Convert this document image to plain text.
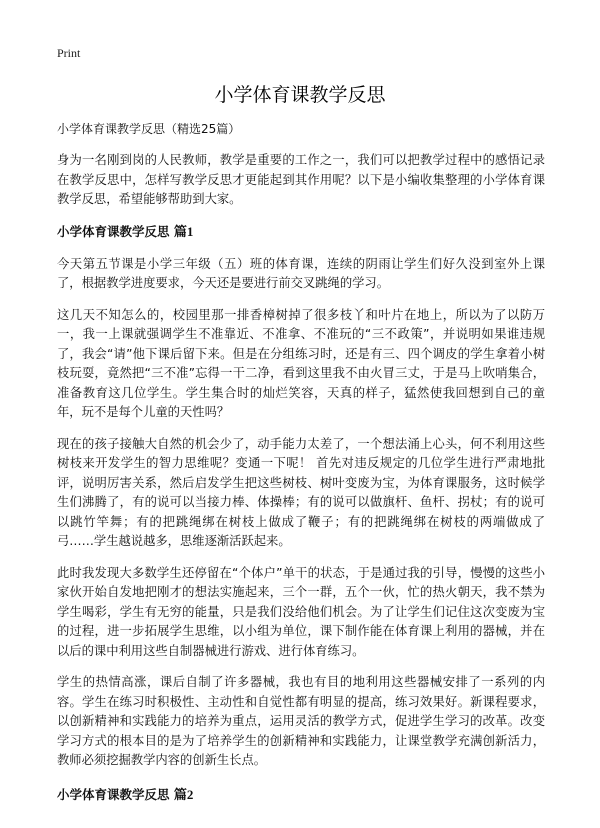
Print
小学体育课教学反思

小学体育课教学反思（精选25篇）

身为一名刚到岗的人民教师，教学是重要的工作之一，我们可以把教学过程中的感悟记录在教学反思中，怎样写教学反思才更能起到其作用呢？以下是小编收集整理的小学体育课教学反思，希望能够帮助到大家。

小学体育课教学反思 篇1

今天第五节课是小学三年级（五）班的体育课，连续的阴雨让学生们好久没到室外上课了，根据教学进度要求，今天还是要进行前交叉跳绳的学习。

这几天不知怎么的，校园里那一排香樟树掉了很多枝丫和叶片在地上，所以为了以防万一，我一上课就强调学生不准靠近、不准拿、不准玩的“三不政策”，并说明如果谁违规了，我会“请”他下课后留下来。但是在分组练习时，还是有三、四个调皮的学生拿着小树枝玩耍，竟然把“三不准”忘得一干二净，看到这里我不由火冒三丈，于是马上吹哨集合，准备教育这几位学生。学生集合时的灿烂笑容，天真的样子，猛然使我回想到自己的童年，玩不是每个儿童的天性吗？

现在的孩子接触大自然的机会少了，动手能力太差了，一个想法涌上心头，何不利用这些树枝来开发学生的智力思维呢？变通一下呢！ 首先对违反规定的几位学生进行严肃地批评，说明厉害关系，然后启发学生把这些树枝、树叶变废为宝，为体育课服务，这时候学生们沸腾了，有的说可以当接力棒、体操棒；有的说可以做旗杆、鱼杆、拐杖；有的说可以跳竹竿舞；有的把跳绳绑在树枝上做成了鞭子；有的把跳绳绑在树枝的两端做成了弓……学生越说越多，思维逐渐活跃起来。

此时我发现大多数学生还停留在“个体户”单干的状态，于是通过我的引导，慢慢的这些小家伙开始自发地把刚才的想法实施起来，三个一群，五个一伙，忙的热火朝天，我不禁为学生喝彩，学生有无穷的能量，只是我们没给他们机会。为了让学生们记住这次变废为宝的过程，进一步拓展学生思维，以小组为单位，课下制作能在体育课上利用的器械，并在以后的课中利用这些自制器械进行游戏、进行体育练习。

学生的热情高涨，课后自制了许多器械，我也有目的地利用这些器械安排了一系列的内容。学生在练习时积极性、主动性和自觉性都有明显的提高，练习效果好。新课程要求，以创新精神和实践能力的培养为重点，运用灵活的教学方式，促进学生学习的改革。改变学习方式的根本目的是为了培养学生的创新精神和实践能力，让课堂教学充满创新活力，教师必须挖掘教学内容的创新生长点。

小学体育课教学反思 篇2
